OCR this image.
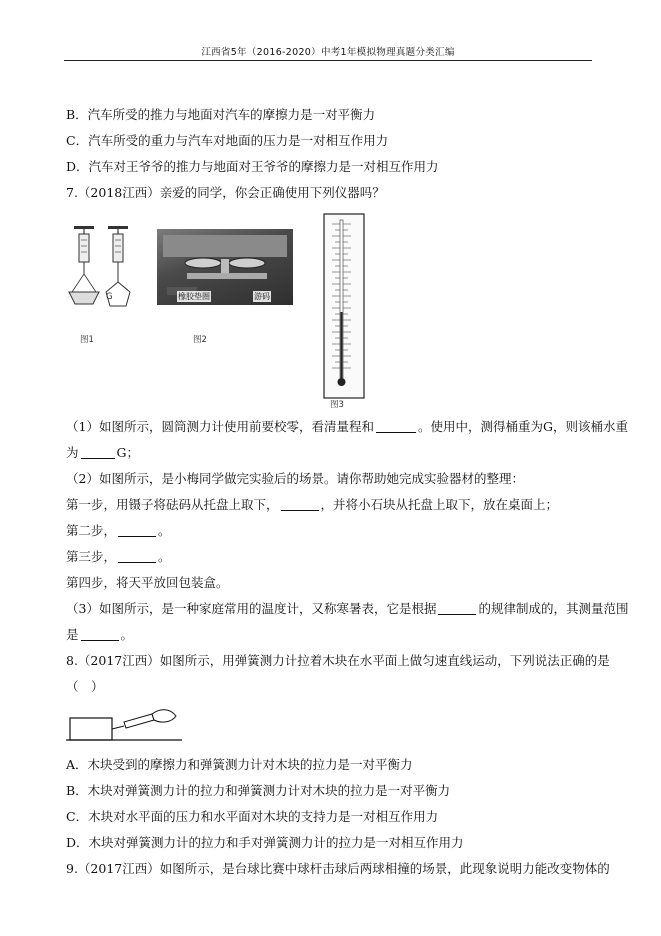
江西省5年（2016-2020）中考1年模拟物理真题分类汇编
B．汽车所受的推力与地面对汽车的摩擦力是一对平衡力
C．汽车所受的重力与汽车对地面的压力是一对相互作用力
D．汽车对王爷爷的推力与地面对王爷爷的摩擦力是一对相互作用力
7.（2018江西）亲爱的同学，你会正确使用下列仪器吗？
G
图1
橡胶垫圈	游码
图2
图3
（1）如图所示，圆筒测力计使用前要校零，看清量程和	。使用中，测得桶重为G，则该桶水重
为	G；
（2）如图所示，是小梅同学做完实验后的场景。请你帮助她完成实验器材的整理：
第一步，用镊子将砝码从托盘上取下，	，并将小石块从托盘上取下，放在桌面上；
第二步，	。
第三步，	。
第四步，将天平放回包装盒。
（3）如图所示，是一种家庭常用的温度计，又称寒暑表，它是根据	的规律制成的，其测量范围
是	。
8.（2017江西）如图所示，用弹簧测力计拉着木块在水平面上做匀速直线运动，下列说法正确的是
（　）
A．木块受到的摩擦力和弹簧测力计对木块的拉力是一对平衡力
B．木块对弹簧测力计的拉力和弹簧测力计对木块的拉力是一对平衡力
C．木块对水平面的压力和水平面对木块的支持力是一对相互作用力
D．木块对弹簧测力计的拉力和手对弹簧测力计的拉力是一对相互作用力
9.（2017江西）如图所示，是台球比赛中球杆击球后两球相撞的场景，此现象说明力能改变物体的
